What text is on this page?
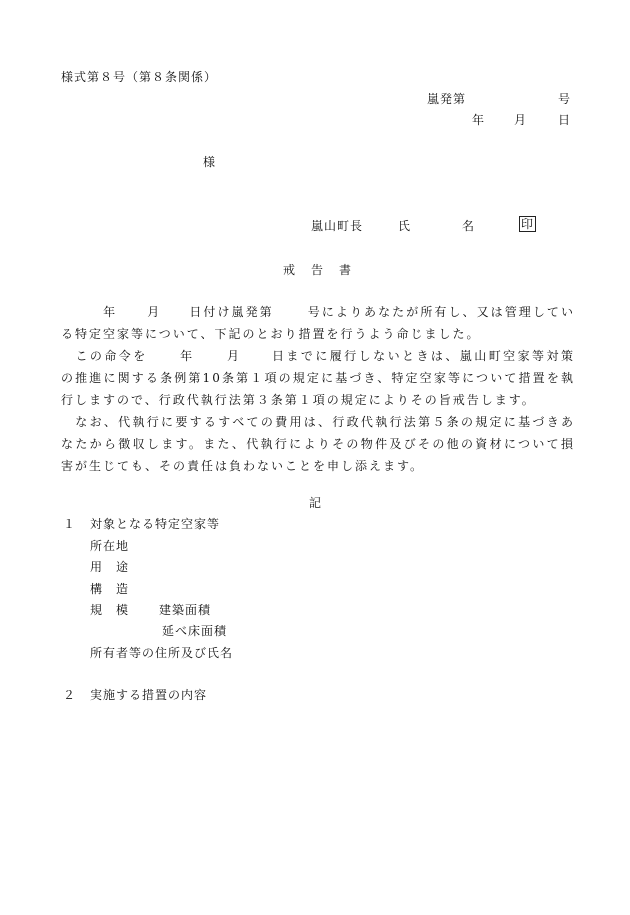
様式第８号（第８条関係）
嵐発第	号
年 月	日
様
嵐山町長	氏	名	印
戒　告　書

年	月 日付け嵐発第	号によりあなたが所有し、又は管理している特定空家等について、下記のとおり措置を行うよう命じました。

この命令を	年	月	日までに履行しないときは、嵐山町空家等対策の推進に関する条例第10条第１項の規定に基づき、特定空家等について措置を執行しますので、行政代執行法第３条第１項の規定によりその旨戒告します。

なお、代執行に要するすべての費用は、行政代執行法第５条の規定に基づきあなたから徴収します。また、代執行によりその物件及びその他の資材について損害が生じても、その責任は負わないことを申し添えます。

記
１ 対象となる特定空家等
所在地
用　途
構　造
規　模 建築面積
延べ床面積
所有者等の住所及び氏名
２ 実施する措置の内容
